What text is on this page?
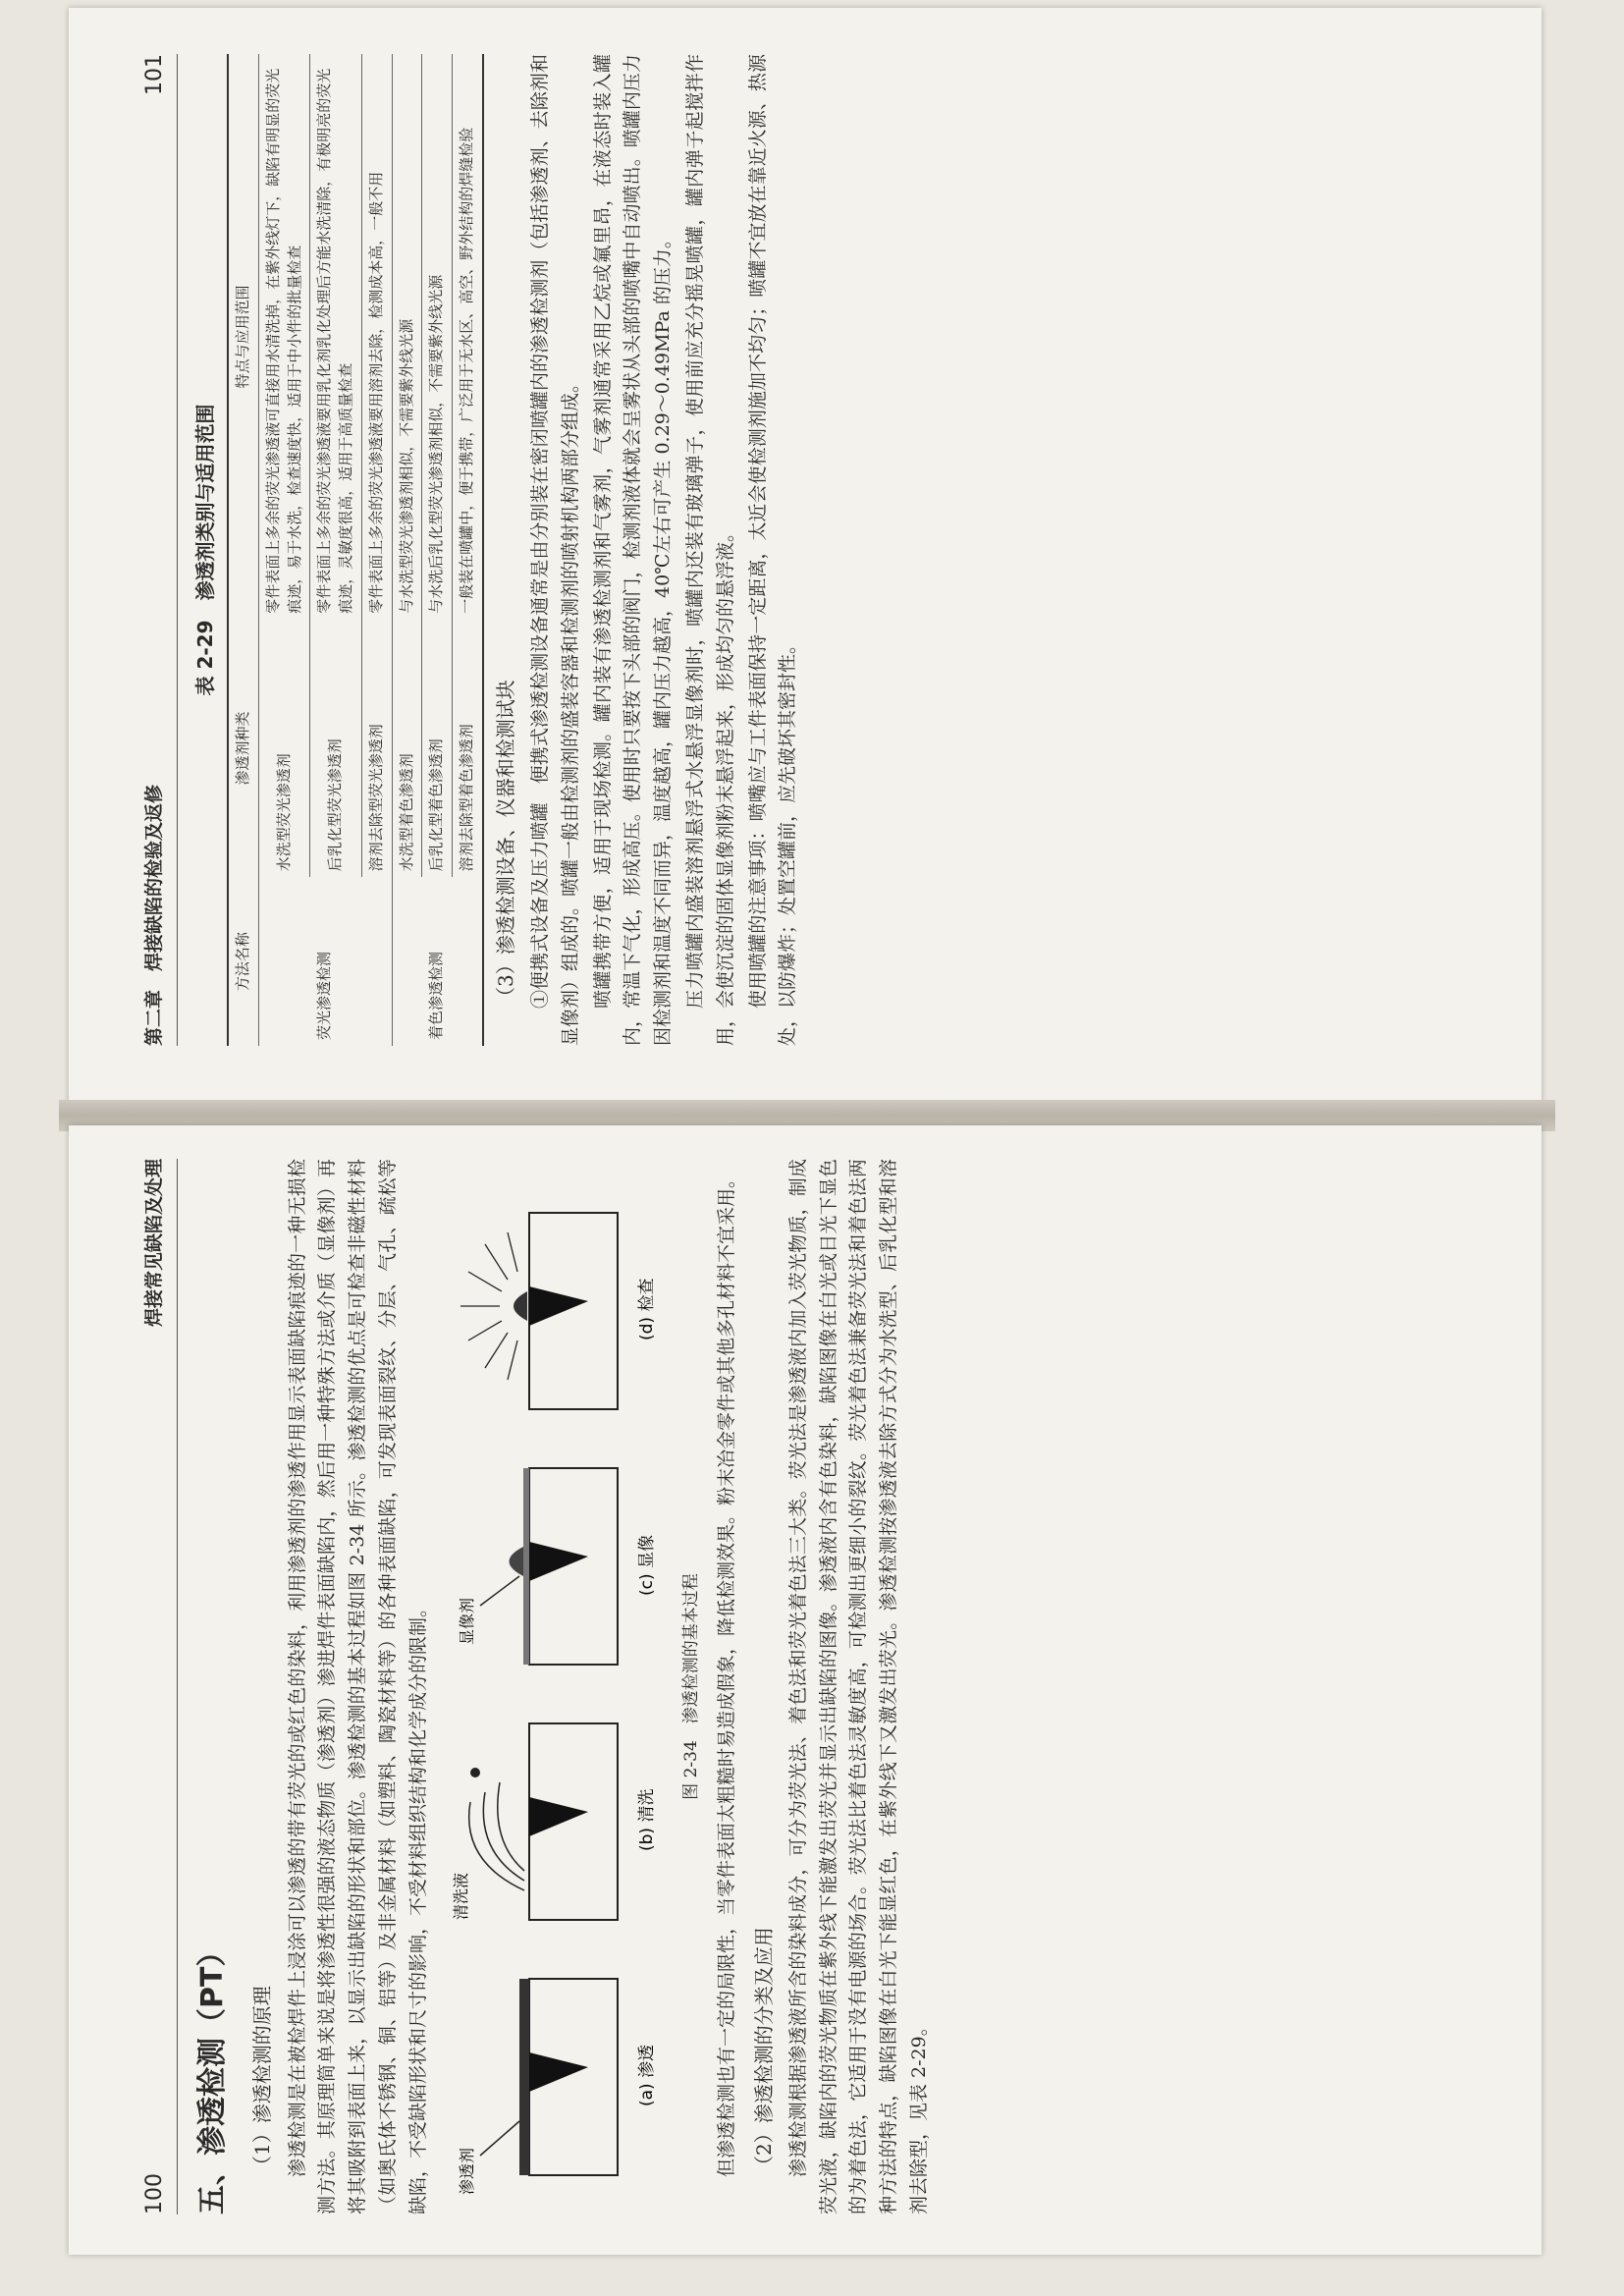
第二章　焊接缺陷的检验及返修
101
表 2-29　渗透剂类别与适用范围
方法名称	渗透剂种类	特点与应用范围
荧光渗透检测	水洗型荧光渗透剂	零件表面上多余的荧光渗透液可直接用水清洗掉，在紫外线灯下，缺陷有明显的荧光痕迹，易于水洗，检查速度快，适用于中小件的批量检查
	后乳化型荧光渗透剂	零件表面上多余的荧光渗透液要用乳化剂乳化处理后方能水洗清除，有极明亮的荧光痕迹，灵敏度很高，适用于高质量检查
	溶剂去除型荧光渗透剂	零件表面上多余的荧光渗透液要用溶剂去除，检测成本高，一般不用
着色渗透检测	水洗型着色渗透剂	与水洗型荧光渗透剂相似，不需要紫外线光源
	后乳化型着色渗透剂	与水洗后乳化型荧光渗透剂相似，不需要紫外线光源
	溶剂去除型着色渗透剂	一般装在喷罐中，便于携带，广泛用于无水区、高空、野外结构的焊缝检验
（3）渗透检测设备、仪器和检测试块 ①便携式设备及压力喷罐　便携式渗透检测设备通常是由分别装在密闭喷罐内的渗透检测剂（包括渗透剂、去除剂和显像剂）组成的。喷罐一般由检测剂的盛装容器和检测剂的喷射机构两部分组成。 喷罐携带方便，适用于现场检测。罐内装有渗透检测剂和气雾剂，气雾剂通常采用乙烷或氟里昂，在液态时装入罐内，常温下气化，形成高压。使用时只要按下头部的阀门，检测剂液体就会呈雾状从头部的喷嘴中自动喷出。喷罐内压力因检测剂和温度不同而异，温度越高，罐内压力越高，40℃左右可产生 0.29～0.49MPa 的压力。 压力喷罐内盛装溶剂悬浮式水悬浮显像剂时，喷罐内还装有玻璃弹子，使用前应充分摇晃喷罐，罐内弹子起搅拌作用，会使沉淀的固体显像剂粉末悬浮起来，形成均匀的悬浮液。 使用喷罐的注意事项：喷嘴应与工件表面保持一定距离，太近会使检测剂施加不均匀；喷罐不宜放在靠近火源、热源处，以防爆炸；处置空罐前，应先破坏其密封性。

100
焊接常见缺陷及处理
五、渗透检测（PT）	（1）渗透检测的原理 渗透检测是在被检焊件上浸涂可以渗透的带有荧光的或红色的染料，利用渗透剂的渗透作用显示表面缺陷痕迹的一种无损检测方法。其原理简单来说是将渗透性很强的液态物质（渗透剂）渗进焊件表面缺陷内，然后用一种特殊方法或介质（显像剂）再将其吸附到表面上来，以显示出缺陷的形状和部位。渗透检测的基本过程如图 2-34 所示。渗透检测的优点是可检查非磁性材料（如奥氏体不锈钢、铜、铝等）及非金属材料（如塑料、陶瓷材料等）的各种表面缺陷，可发现表面裂纹、分层、气孔、疏松等缺陷，不受缺陷形状和尺寸的影响，不受材料组织结构和化学成分的限制。 渗透剂
(a) 渗透
清洗液
(b) 清洗
显像剂
(c) 显像
(d) 检查
图 2-34　渗透检测的基本过程 但渗透检测也有一定的局限性，当零件表面太粗糙时易造成假象，降低检测效果。粉末冶金零件或其他多孔材料不宜采用。 （2）渗透检测的分类及应用 渗透检测根据渗透液所含的染料成分，可分为荧光法、着色法和荧光着色法三大类。荧光法是渗透液内加入荧光物质，制成荧光液，缺陷内的荧光物质在紫外线下能激发出荧光并显示出缺陷的图像。渗透液内含有色染料，缺陷图像在白光或日光下显色的为着色法，它适用于没有电源的场合。荧光法比着色法灵敏度高，可检测出更细小的裂纹。荧光着色法兼备荧光法和着色法两种方法的特点，缺陷图像在白光下能显红色，在紫外线下又激发出荧光。渗透检测按渗透液去除方式分为水洗型、后乳化型和溶剂去除型，见表 2-29。
